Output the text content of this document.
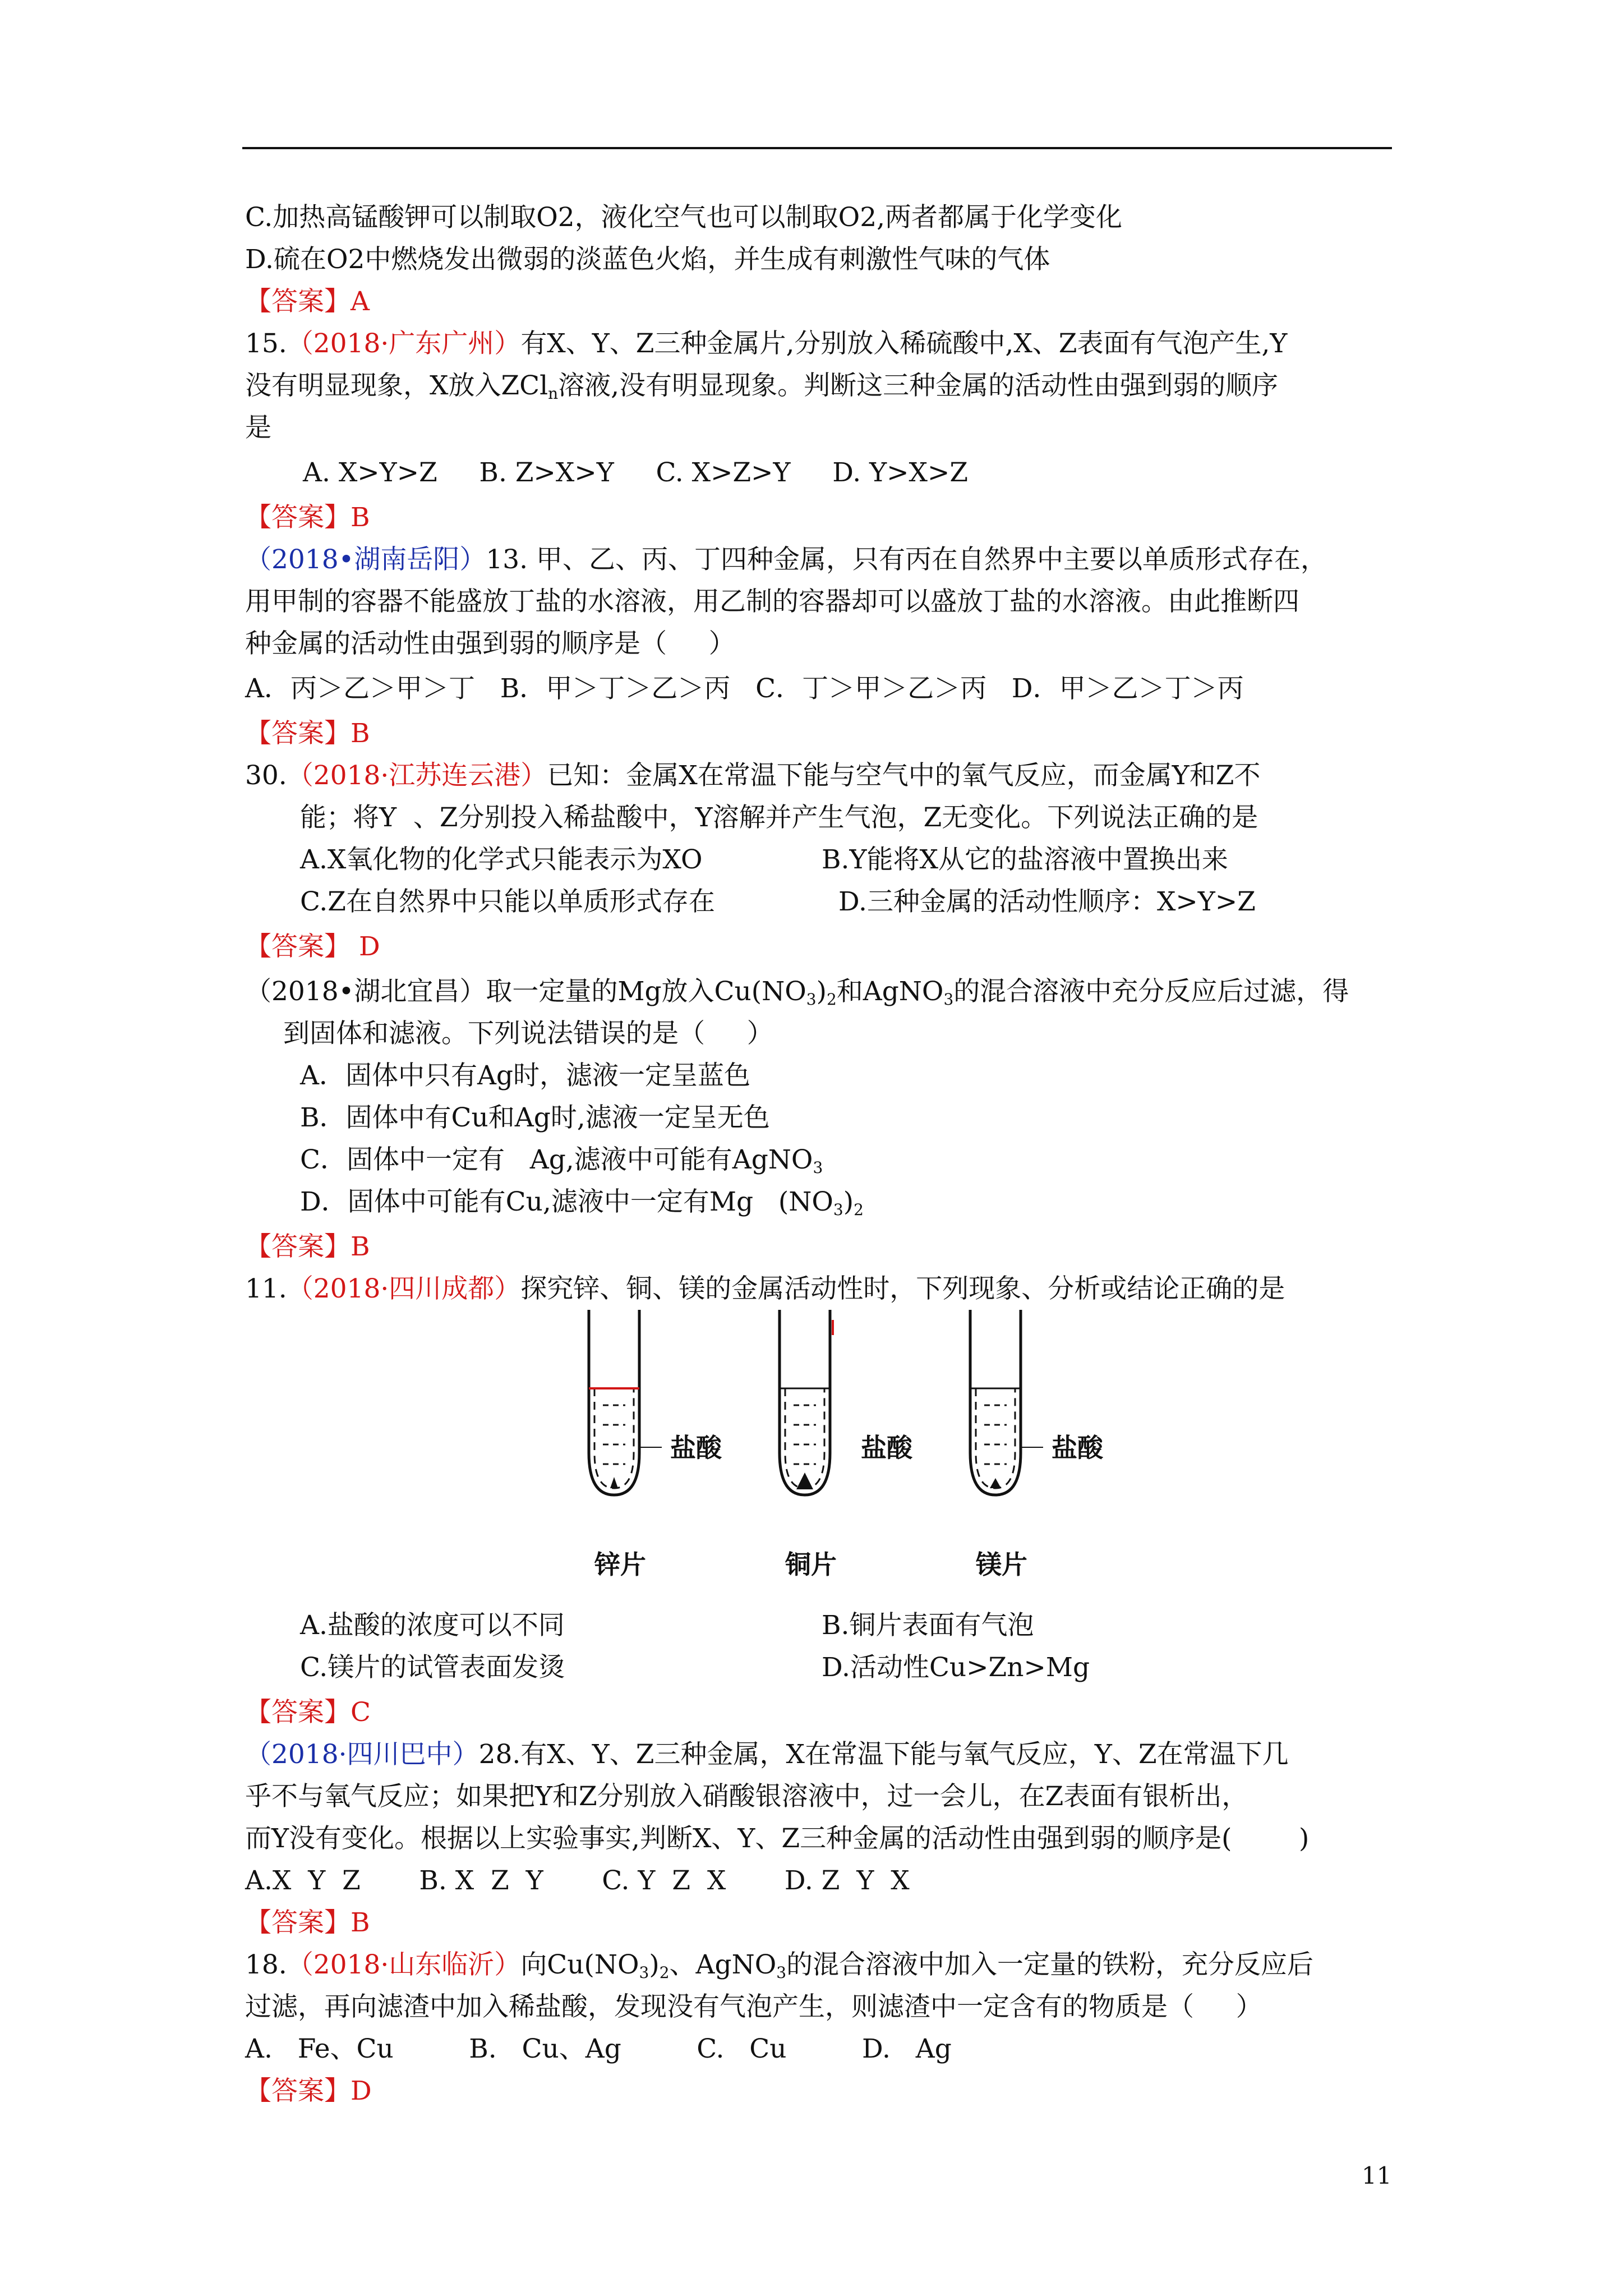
C.加热高锰酸钾可以制取O2，液化空气也可以制取O2,两者都属于化学变化
D.硫在O2中燃烧发出微弱的淡蓝色火焰，并生成有刺激性气味的气体
【答案】A
15.（2018·广东广州）有X、Y、Z三种金属片,分别放入稀硫酸中,X、Z表面有气泡产生,Y
没有明显现象，X放入ZCl$_n$溶液,没有明显现象。判断这三种金属的活动性由强到弱的顺序
是
A. X>Y>Z     B. Z>X>Y     C. X>Z>Y     D. Y>X>Z
【答案】B
（2018•湖南岳阳）13. 甲、乙、丙、丁四种金属，只有丙在自然界中主要以单质形式存在，
用甲制的容器不能盛放丁盐的水溶液，用乙制的容器却可以盛放丁盐的水溶液。由此推断四
种金属的活动性由强到弱的顺序是（     ）
A．丙＞乙＞甲＞丁   B．甲＞丁＞乙＞丙   C．丁＞甲＞乙＞丙   D．甲＞乙＞丁＞丙
【答案】B
30.（2018·江苏连云港）已知：金属X在常温下能与空气中的氧气反应，而金属Y和Z不
能；将Y  、Z分别投入稀盐酸中，Y溶解并产生气泡，Z无变化。下列说法正确的是
A.X氧化物的化学式只能表示为XO	B.Y能将X从它的盐溶液中置换出来
C.Z在自然界中只能以单质形式存在	D.三种金属的活动性顺序：X>Y>Z
【答案】 D
（2018•湖北宜昌）取一定量的Mg放入$Cu(NO_3)_2$和AgNO$_3$的混合溶液中充分反应后过滤，得
到固体和滤液。下列说法错误的是（     ）
A．固体中只有Ag时，滤液一定呈蓝色
B．固体中有Cu和Ag时,滤液一定呈无色
C．固体中一定有   Ag,滤液中可能有AgNO$_3$
D．固体中可能有Cu,滤液中一定有Mg   $(NO_3)_2$
【答案】B
11.（2018·四川成都）探究锌、铜、镁的金属活动性时，下列现象、分析或结论正确的是
盐酸
锌片
盐酸
铜片
盐酸
镁片
A.盐酸的浓度可以不同	B.铜片表面有气泡
C.镁片的试管表面发烫	D.活动性Cu>Zn>Mg
【答案】C
（2018·四川巴中）28.有X、Y、Z三种金属，X在常温下能与氧气反应，Y、Z在常温下几
乎不与氧气反应；如果把Y和Z分别放入硝酸银溶液中，过一会儿，在Z表面有银析出，
而Y没有变化。根据以上实验事实,判断X、Y、Z三种金属的活动性由强到弱的顺序是(        )
A.X  Y  Z       B. X  Z  Y       C. Y  Z  X       D. Z  Y  X
【答案】B
18.（2018·山东临沂）向$Cu(NO_3)_2$、AgNO$_3$的混合溶液中加入一定量的铁粉，充分反应后
过滤，再向滤渣中加入稀盐酸，发现没有气泡产生，则滤渣中一定含有的物质是（     ）
A.   Fe、Cu         B.   Cu、Ag         C.   Cu         D.   Ag
【答案】D
11
